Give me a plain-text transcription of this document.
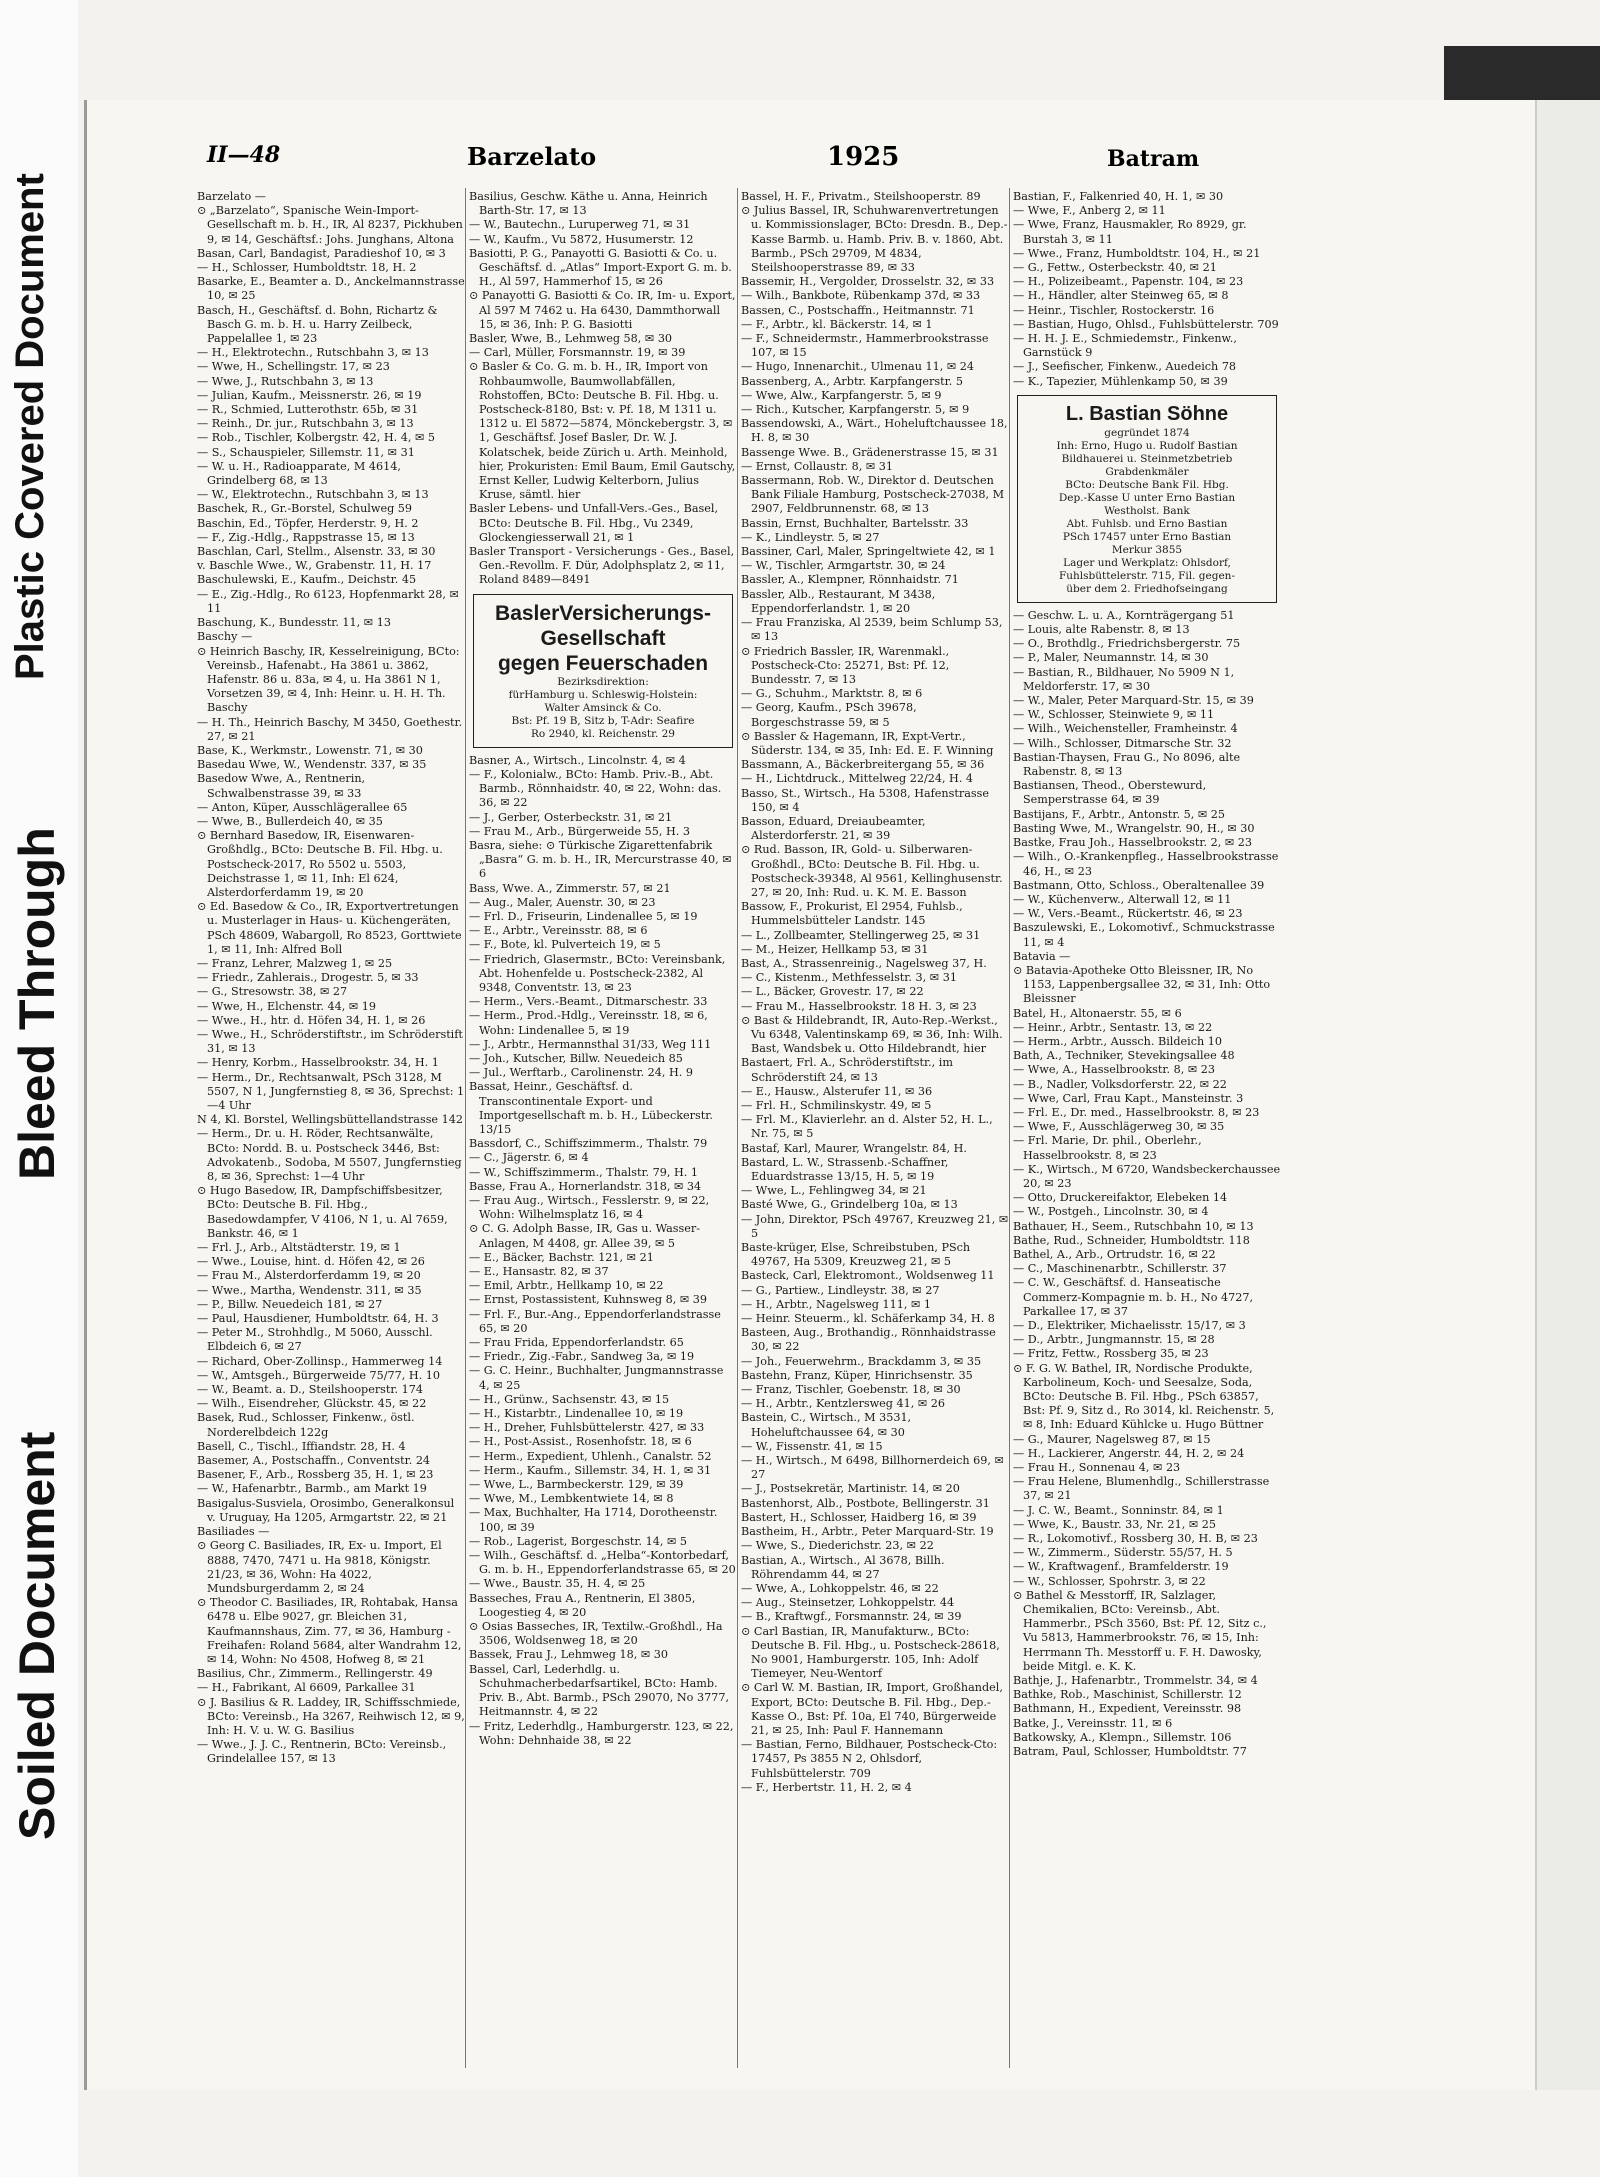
Plastic Covered Document
Bleed Through
Soiled Document
II—48	Barzelato	1925	Batram

Barzelato —

⊙ „Barzelato“, Spanische Wein-Import-Gesellschaft m. b. H., IR, Al 8237, Pickhuben 9, ✉ 14, Geschäftsf.: Johs. Junghans, Altona

Basan, Carl, Bandagist, Paradieshof 10, ✉ 3

— H., Schlosser, Humboldtstr. 18, H. 2

Basarke, E., Beamter a. D., Anckelmannstrasse 10, ✉ 25

Basch, H., Geschäftsf. d. Bohn, Richartz & Basch G. m. b. H. u. Harry Zeilbeck, Pappelallee 1, ✉ 23

— H., Elektrotechn., Rutschbahn 3, ✉ 13

— Wwe, H., Schellingstr. 17, ✉ 23

— Wwe, J., Rutschbahn 3, ✉ 13

— Julian, Kaufm., Meissnerstr. 26, ✉ 19

— R., Schmied, Lutterothstr. 65b, ✉ 31

— Reinh., Dr. jur., Rutschbahn 3, ✉ 13

— Rob., Tischler, Kolbergstr. 42, H. 4, ✉ 5

— S., Schauspieler, Sillemstr. 11, ✉ 31

— W. u. H., Radioapparate, M 4614, Grindelberg 68, ✉ 13

— W., Elektrotechn., Rutschbahn 3, ✉ 13

Baschek, R., Gr.-Borstel, Schulweg 59

Baschin, Ed., Töpfer, Herderstr. 9, H. 2

— F., Zig.-Hdlg., Rappstrasse 15, ✉ 13

Baschlan, Carl, Stellm., Alsenstr. 33, ✉ 30

v. Baschle Wwe., W., Grabenstr. 11, H. 17

Baschulewski, E., Kaufm., Deichstr. 45

— E., Zig.-Hdlg., Ro 6123, Hopfenmarkt 28, ✉ 11

Baschung, K., Bundesstr. 11, ✉ 13

Baschy —

⊙ Heinrich Baschy, IR, Kesselreinigung, BCto: Vereinsb., Hafenabt., Ha 3861 u. 3862, Hafenstr. 86 u. 83a, ✉ 4, u. Ha 3861 N 1, Vorsetzen 39, ✉ 4, Inh: Heinr. u. H. H. Th. Baschy

— H. Th., Heinrich Baschy, M 3450, Goethestr. 27, ✉ 21

Base, K., Werkmstr., Lowenstr. 71, ✉ 30

Basedau Wwe, W., Wendenstr. 337, ✉ 35

Basedow Wwe, A., Rentnerin, Schwalbenstrasse 39, ✉ 33

— Anton, Küper, Ausschlägerallee 65

— Wwe, B., Bullerdeich 40, ✉ 35

⊙ Bernhard Basedow, IR, Eisenwaren-Großhdlg., BCto: Deutsche B. Fil. Hbg. u. Postscheck-2017, Ro 5502 u. 5503, Deichstrasse 1, ✉ 11, Inh: El 624, Alsterdorferdamm 19, ✉ 20

⊙ Ed. Basedow & Co., IR, Exportvertretungen u. Musterlager in Haus- u. Küchengeräten, PSch 48609, Wabargoll, Ro 8523, Gorttwiete 1, ✉ 11, Inh: Alfred Boll

— Franz, Lehrer, Malzweg 1, ✉ 25

— Friedr., Zahlerais., Drogestr. 5, ✉ 33

— G., Stresowstr. 38, ✉ 27

— Wwe, H., Elchenstr. 44, ✉ 19

— Wwe., H., htr. d. Höfen 34, H. 1, ✉ 26

— Wwe., H., Schröderstiftstr., im Schröderstift 31, ✉ 13

— Henry, Korbm., Hasselbrookstr. 34, H. 1

— Herm., Dr., Rechtsanwalt, PSch 3128, M 5507, N 1, Jungfernstieg 8, ✉ 36, Sprechst: 1—4 Uhr

N 4, Kl. Borstel, Wellingsbüttellandstrasse 142

— Herm., Dr. u. H. Röder, Rechtsanwälte, BCto: Nordd. B. u. Postscheck 3446, Bst: Advokatenb., Sodoba, M 5507, Jungfernstieg 8, ✉ 36, Sprechst: 1—4 Uhr

⊙ Hugo Basedow, IR, Dampfschiffsbesitzer, BCto: Deutsche B. Fil. Hbg., Basedowdampfer, V 4106, N 1, u. Al 7659, Bankstr. 46, ✉ 1

— Frl. J., Arb., Altstädterstr. 19, ✉ 1

— Wwe., Louise, hint. d. Höfen 42, ✉ 26

— Frau M., Alsterdorferdamm 19, ✉ 20

— Wwe., Martha, Wendenstr. 311, ✉ 35

— P., Billw. Neuedeich 181, ✉ 27

— Paul, Hausdiener, Humboldtstr. 64, H. 3

— Peter M., Strohhdlg., M 5060, Ausschl. Elbdeich 6, ✉ 27

— Richard, Ober-Zollinsp., Hammerweg 14

— W., Amtsgeh., Bürgerweide 75/77, H. 10

— W., Beamt. a. D., Steilshooperstr. 174

— Wilh., Eisendreher, Glückstr. 45, ✉ 22

Basek, Rud., Schlosser, Finkenw., östl. Norderelbdeich 122g

Basell, C., Tischl., Iffiandstr. 28, H. 4

Basemer, A., Postschaffn., Conventstr. 24

Basener, F., Arb., Rossberg 35, H. 1, ✉ 23

— W., Hafenarbtr., Barmb., am Markt 19

Basigalus-Susviela, Orosimbo, Generalkonsul v. Uruguay, Ha 1205, Armgartstr. 22, ✉ 21

Basiliades —

⊙ Georg C. Basiliades, IR, Ex- u. Import, El 8888, 7470, 7471 u. Ha 9818, Königstr. 21/23, ✉ 36, Wohn: Ha 4022, Mundsburgerdamm 2, ✉ 24

⊙ Theodor C. Basiliades, IR, Rohtabak, Hansa 6478 u. Elbe 9027, gr. Bleichen 31, Kaufmannshaus, Zim. 77, ✉ 36, Hamburg - Freihafen: Roland 5684, alter Wandrahm 12, ✉ 14, Wohn: No 4508, Hofweg 8, ✉ 21

Basilius, Chr., Zimmerm., Rellingerstr. 49

— H., Fabrikant, Al 6609, Parkallee 31

⊙ J. Basilius & R. Laddey, IR, Schiffsschmiede, BCto: Vereinsb., Ha 3267, Reihwisch 12, ✉ 9, Inh: H. V. u. W. G. Basilius

— Wwe., J. J. C., Rentnerin, BCto: Vereinsb., Grindelallee 157, ✉ 13

Basilius, Geschw. Käthe u. Anna, Heinrich Barth-Str. 17, ✉ 13

— W., Bautechn., Luruperweg 71, ✉ 31

— W., Kaufm., Vu 5872, Husumerstr. 12

Basiotti, P. G., Panayotti G. Basiotti & Co. u. Geschäftsf. d. „Atlas“ Import-Export G. m. b. H., Al 597, Hammerhof 15, ✉ 26

⊙ Panayotti G. Basiotti & Co. IR, Im- u. Export, Al 597 M 7462 u. Ha 6430, Dammthorwall 15, ✉ 36, Inh: P. G. Basiotti

Basler, Wwe, B., Lehmweg 58, ✉ 30

— Carl, Müller, Forsmannstr. 19, ✉ 39

⊙ Basler & Co. G. m. b. H., IR, Import von Rohbaumwolle, Baumwollabfällen, Rohstoffen, BCto: Deutsche B. Fil. Hbg. u. Postscheck-8180, Bst: v. Pf. 18, M 1311 u. 1312 u. El 5872—5874, Mönckebergstr. 3, ✉ 1, Geschäftsf. Josef Basler, Dr. W. J. Kolatschek, beide Zürich u. Arth. Meinhold, hier, Prokuristen: Emil Baum, Emil Gautschy, Ernst Keller, Ludwig Kelterborn, Julius Kruse, sämtl. hier

Basler Lebens- und Unfall-Vers.-Ges., Basel, BCto: Deutsche B. Fil. Hbg., Vu 2349, Glockengiesserwall 21, ✉ 1

Basler Transport - Versicherungs - Ges., Basel, Gen.-Revollm. F. Dür, Adolphsplatz 2, ✉ 11, Roland 8489—8491

BaslerVersicherungs-
Gesellschaft
gegen Feuerschaden
Bezirksdirektion:
fürHamburg u. Schleswig-Holstein:
Walter Amsinck & Co.
Bst: Pf. 19 B, Sitz b, T-Adr: Seafire
Ro 2940, kl. Reichenstr. 29

Basner, A., Wirtsch., Lincolnstr. 4, ✉ 4

— F., Kolonialw., BCto: Hamb. Priv.-B., Abt. Barmb., Rönnhaidstr. 40, ✉ 22, Wohn: das. 36, ✉ 22

— J., Gerber, Osterbeckstr. 31, ✉ 21

— Frau M., Arb., Bürgerweide 55, H. 3

Basra, siehe: ⊙ Türkische Zigarettenfabrik „Basra“ G. m. b. H., IR, Mercurstrasse 40, ✉ 6

Bass, Wwe. A., Zimmerstr. 57, ✉ 21

— Aug., Maler, Auenstr. 30, ✉ 23

— Frl. D., Friseurin, Lindenallee 5, ✉ 19

— E., Arbtr., Vereinsstr. 88, ✉ 6

— F., Bote, kl. Pulverteich 19, ✉ 5

— Friedrich, Glasermstr., BCto: Vereinsbank, Abt. Hohenfelde u. Postscheck-2382, Al 9348, Conventstr. 13, ✉ 23

— Herm., Vers.-Beamt., Ditmarschestr. 33

— Herm., Prod.-Hdlg., Vereinsstr. 18, ✉ 6, Wohn: Lindenallee 5, ✉ 19

— J., Arbtr., Hermannsthal 31/33, Weg 111

— Joh., Kutscher, Billw. Neuedeich 85

— Jul., Werftarb., Carolinenstr. 24, H. 9

Bassat, Heinr., Geschäftsf. d. Transcontinentale Export- und Importgesellschaft m. b. H., Lübeckerstr. 13/15

Bassdorf, C., Schiffszimmerm., Thalstr. 79

— C., Jägerstr. 6, ✉ 4

— W., Schiffszimmerm., Thalstr. 79, H. 1

Basse, Frau A., Hornerlandstr. 318, ✉ 34

— Frau Aug., Wirtsch., Fesslerstr. 9, ✉ 22, Wohn: Wilhelmsplatz 16, ✉ 4

⊙ C. G. Adolph Basse, IR, Gas u. Wasser-Anlagen, M 4408, gr. Allee 39, ✉ 5

— E., Bäcker, Bachstr. 121, ✉ 21

— E., Hansastr. 82, ✉ 37

— Emil, Arbtr., Hellkamp 10, ✉ 22

— Ernst, Postassistent, Kuhnsweg 8, ✉ 39

— Frl. F., Bur.-Ang., Eppendorferlandstrasse 65, ✉ 20

— Frau Frida, Eppendorferlandstr. 65

— Friedr., Zig.-Fabr., Sandweg 3a, ✉ 19

— G. C. Heinr., Buchhalter, Jungmannstrasse 4, ✉ 25

— H., Grünw., Sachsenstr. 43, ✉ 15

— H., Kistarbtr., Lindenallee 10, ✉ 19

— H., Dreher, Fuhlsbüttelerstr. 427, ✉ 33

— H., Post-Assist., Rosenhofstr. 18, ✉ 6

— Herm., Expedient, Uhlenh., Canalstr. 52

— Herm., Kaufm., Sillemstr. 34, H. 1, ✉ 31

— Wwe, L., Barmbeckerstr. 129, ✉ 39

— Wwe, M., Lembkentwiete 14, ✉ 8

— Max, Buchhalter, Ha 1714, Dorotheenstr. 100, ✉ 39

— Rob., Lagerist, Borgeschstr. 14, ✉ 5

— Wilh., Geschäftsf. d. „Helba“-Kontorbedarf, G. m. b. H., Eppendorferlandstrasse 65, ✉ 20

— Wwe., Baustr. 35, H. 4, ✉ 25

Basseches, Frau A., Rentnerin, El 3805, Loogestieg 4, ✉ 20

⊙ Osias Basseches, IR, Textilw.-Großhdl., Ha 3506, Woldsenweg 18, ✉ 20

Bassek, Frau J., Lehmweg 18, ✉ 30

Bassel, Carl, Lederhdlg. u. Schuhmacherbedarfsartikel, BCto: Hamb. Priv. B., Abt. Barmb., PSch 29070, No 3777, Heitmannstr. 4, ✉ 22

— Fritz, Lederhdlg., Hamburgerstr. 123, ✉ 22, Wohn: Dehnhaide 38, ✉ 22

Bassel, H. F., Privatm., Steilshooperstr. 89

⊙ Julius Bassel, IR, Schuhwarenvertretungen u. Kommissionslager, BCto: Dresdn. B., Dep.-Kasse Barmb. u. Hamb. Priv. B. v. 1860, Abt. Barmb., PSch 29709, M 4834, Steilshooperstrasse 89, ✉ 33

Bassemir, H., Vergolder, Drosselstr. 32, ✉ 33

— Wilh., Bankbote, Rübenkamp 37d, ✉ 33

Bassen, C., Postschaffn., Heitmannstr. 71

— F., Arbtr., kl. Bäckerstr. 14, ✉ 1

— F., Schneidermstr., Hammerbrookstrasse 107, ✉ 15

— Hugo, Innenarchit., Ulmenau 11, ✉ 24

Bassenberg, A., Arbtr. Karpfangerstr. 5

— Wwe, Alw., Karpfangerstr. 5, ✉ 9

— Rich., Kutscher, Karpfangerstr. 5, ✉ 9

Bassendowski, A., Wärt., Hoheluftchaussee 18, H. 8, ✉ 30

Bassenge Wwe. B., Grädenerstrasse 15, ✉ 31

— Ernst, Collaustr. 8, ✉ 31

Bassermann, Rob. W., Direktor d. Deutschen Bank Filiale Hamburg, Postscheck-27038, M 2907, Feldbrunnenstr. 68, ✉ 13

Bassin, Ernst, Buchhalter, Bartelsstr. 33

— K., Lindleystr. 5, ✉ 27

Bassiner, Carl, Maler, Springeltwiete 42, ✉ 1

— W., Tischler, Armgartstr. 30, ✉ 24

Bassler, A., Klempner, Rönnhaidstr. 71

Bassler, Alb., Restaurant, M 3438, Eppendorferlandstr. 1, ✉ 20

— Frau Franziska, Al 2539, beim Schlump 53, ✉ 13

⊙ Friedrich Bassler, IR, Warenmakl., Postscheck-Cto: 25271, Bst: Pf. 12, Bundesstr. 7, ✉ 13

— G., Schuhm., Marktstr. 8, ✉ 6

— Georg, Kaufm., PSch 39678, Borgeschstrasse 59, ✉ 5

⊙ Bassler & Hagemann, IR, Expt-Vertr., Süderstr. 134, ✉ 35, Inh: Ed. E. F. Winning

Bassmann, A., Bäckerbreitergang 55, ✉ 36

— H., Lichtdruck., Mittelweg 22/24, H. 4

Basso, St., Wirtsch., Ha 5308, Hafenstrasse 150, ✉ 4

Basson, Eduard, Dreiaubeamter, Alsterdorferstr. 21, ✉ 39

⊙ Rud. Basson, IR, Gold- u. Silberwaren-Großhdl., BCto: Deutsche B. Fil. Hbg. u. Postscheck-39348, Al 9561, Kellinghusenstr. 27, ✉ 20, Inh: Rud. u. K. M. E. Basson

Bassow, F., Prokurist, El 2954, Fuhlsb., Hummelsbütteler Landstr. 145

— L., Zollbeamter, Stellingerweg 25, ✉ 31

— M., Heizer, Hellkamp 53, ✉ 31

Bast, A., Strassenreinig., Nagelsweg 37, H.

— C., Kistenm., Methfesselstr. 3, ✉ 31

— L., Bäcker, Grovestr. 17, ✉ 22

— Frau M., Hasselbrookstr. 18 H. 3, ✉ 23

⊙ Bast & Hildebrandt, IR, Auto-Rep.-Werkst., Vu 6348, Valentinskamp 69, ✉ 36, Inh: Wilh. Bast, Wandsbek u. Otto Hildebrandt, hier

Bastaert, Frl. A., Schröderstiftstr., im Schröderstift 24, ✉ 13

— E., Hausw., Alsterufer 11, ✉ 36

— Frl. H., Schmilinskystr. 49, ✉ 5

— Frl. M., Klavierlehr. an d. Alster 52, H. L., Nr. 75, ✉ 5

Bastaf, Karl, Maurer, Wrangelstr. 84, H.

Bastard, L. W., Strassenb.-Schaffner, Eduardstrasse 13/15, H. 5, ✉ 19

— Wwe, L., Fehlingweg 34, ✉ 21

Basté Wwe, G., Grindelberg 10a, ✉ 13

— John, Direktor, PSch 49767, Kreuzweg 21, ✉ 5

Baste-krüger, Else, Schreibstuben, PSch 49767, Ha 5309, Kreuzweg 21, ✉ 5

Basteck, Carl, Elektromont., Woldsenweg 11

— G., Partiew., Lindleystr. 38, ✉ 27

— H., Arbtr., Nagelsweg 111, ✉ 1

— Heinr. Steuerm., kl. Schäferkamp 34, H. 8

Basteen, Aug., Brothandig., Rönnhaidstrasse 30, ✉ 22

— Joh., Feuerwehrm., Brackdamm 3, ✉ 35

Bastehn, Franz, Küper, Hinrichsenstr. 35

— Franz, Tischler, Goebenstr. 18, ✉ 30

— H., Arbtr., Kentzlersweg 41, ✉ 26

Bastein, C., Wirtsch., M 3531, Hoheluftchaussee 64, ✉ 30

— W., Fissenstr. 41, ✉ 15

— H., Wirtsch., M 6498, Billhornerdeich 69, ✉ 27

— J., Postsekretär, Martinistr. 14, ✉ 20

Bastenhorst, Alb., Postbote, Bellingerstr. 31

Bastert, H., Schlosser, Haidberg 16, ✉ 39

Bastheim, H., Arbtr., Peter Marquard-Str. 19

— Wwe, S., Diederichstr. 23, ✉ 22

Bastian, A., Wirtsch., Al 3678, Billh. Röhrendamm 44, ✉ 27

— Wwe, A., Lohkoppelstr. 46, ✉ 22

— Aug., Steinsetzer, Lohkoppelstr. 44

— B., Kraftwgf., Forsmannstr. 24, ✉ 39

⊙ Carl Bastian, IR, Manufakturw., BCto: Deutsche B. Fil. Hbg., u. Postscheck-28618, No 9001, Hamburgerstr. 105, Inh: Adolf Tiemeyer, Neu-Wentorf

⊙ Carl W. M. Bastian, IR, Import, Großhandel, Export, BCto: Deutsche B. Fil. Hbg., Dep.-Kasse O., Bst: Pf. 10a, El 740, Bürgerweide 21, ✉ 25, Inh: Paul F. Hannemann

— Bastian, Ferno, Bildhauer, Postscheck-Cto: 17457, Ps 3855 N 2, Ohlsdorf, Fuhlsbüttelerstr. 709

— F., Herbertstr. 11, H. 2, ✉ 4

Bastian, F., Falkenried 40, H. 1, ✉ 30

— Wwe, F., Anberg 2, ✉ 11

— Wwe, Franz, Hausmakler, Ro 8929, gr. Burstah 3, ✉ 11

— Wwe., Franz, Humboldtstr. 104, H., ✉ 21

— G., Fettw., Osterbeckstr. 40, ✉ 21

— H., Polizeibeamt., Papenstr. 104, ✉ 23

— H., Händler, alter Steinweg 65, ✉ 8

— Heinr., Tischler, Rostockerstr. 16

— Bastian, Hugo, Ohlsd., Fuhlsbüttelerstr. 709

— H. H. J. E., Schmiedemstr., Finkenw., Garnstück 9

— J., Seefischer, Finkenw., Auedeich 78

— K., Tapezier, Mühlenkamp 50, ✉ 39

L. Bastian Söhne
gegründet 1874
Inh: Erno, Hugo u. Rudolf Bastian
Bildhauerei u. Steinmetzbetrieb
Grabdenkmäler
BCto: Deutsche Bank Fil. Hbg.
Dep.-Kasse U unter Erno Bastian
Westholst. Bank
Abt. Fuhlsb. und Erno Bastian
PSch 17457 unter Erno Bastian
Merkur 3855
Lager und Werkplatz: Ohlsdorf,
Fuhlsbüttelerstr. 715, Fil. gegen-
über dem 2. Friedhofseingang

— Geschw. L. u. A., Kornträgergang 51

— Louis, alte Rabenstr. 8, ✉ 13

— O., Brothdlg., Friedrichsbergerstr. 75

— P., Maler, Neumannstr. 14, ✉ 30

— Bastian, R., Bildhauer, No 5909 N 1, Meldorferstr. 17, ✉ 30

— W., Maler, Peter Marquard-Str. 15, ✉ 39

— W., Schlosser, Steinwiete 9, ✉ 11

— Wilh., Weichensteller, Framheinstr. 4

— Wilh., Schlosser, Ditmarsche Str. 32

Bastian-Thaysen, Frau G., No 8096, alte Rabenstr. 8, ✉ 13

Bastiansen, Theod., Oberstewurd, Semperstrasse 64, ✉ 39

Bastijans, F., Arbtr., Antonstr. 5, ✉ 25

Basting Wwe, M., Wrangelstr. 90, H., ✉ 30

Bastke, Frau Joh., Hasselbrookstr. 2, ✉ 23

— Wilh., O.-Krankenpfleg., Hasselbrookstrasse 46, H., ✉ 23

Bastmann, Otto, Schloss., Oberaltenallee 39

— W., Küchenverw., Alterwall 12, ✉ 11

— W., Vers.-Beamt., Rückertstr. 46, ✉ 23

Baszulewski, E., Lokomotivf., Schmuckstrasse 11, ✉ 4

Batavia —

⊙ Batavia-Apotheke Otto Bleissner, IR, No 1153, Lappenbergsallee 32, ✉ 31, Inh: Otto Bleissner

Batel, H., Altonaerstr. 55, ✉ 6

— Heinr., Arbtr., Sentastr. 13, ✉ 22

— Herm., Arbtr., Aussch. Bildeich 10

Bath, A., Techniker, Stevekingsallee 48

— Wwe, A., Hasselbrookstr. 8, ✉ 23

— B., Nadler, Volksdorferstr. 22, ✉ 22

— Wwe, Carl, Frau Kapt., Mansteinstr. 3

— Frl. E., Dr. med., Hasselbrookstr. 8, ✉ 23

— Wwe, F., Ausschlägerweg 30, ✉ 35

— Frl. Marie, Dr. phil., Oberlehr., Hasselbrookstr. 8, ✉ 23

— K., Wirtsch., M 6720, Wandsbeckerchaussee 20, ✉ 23

— Otto, Druckereifaktor, Elebeken 14

— W., Postgeh., Lincolnstr. 30, ✉ 4

Bathauer, H., Seem., Rutschbahn 10, ✉ 13

Bathe, Rud., Schneider, Humboldtstr. 118

Bathel, A., Arb., Ortrudstr. 16, ✉ 22

— C., Maschinenarbtr., Schillerstr. 37

— C. W., Geschäftsf. d. Hanseatische Commerz-Kompagnie m. b. H., No 4727, Parkallee 17, ✉ 37

— D., Elektriker, Michaelisstr. 15/17, ✉ 3

— D., Arbtr., Jungmannstr. 15, ✉ 28

— Fritz, Fettw., Rossberg 35, ✉ 23

⊙ F. G. W. Bathel, IR, Nordische Produkte, Karbolineum, Koch- und Seesalze, Soda, BCto: Deutsche B. Fil. Hbg., PSch 63857, Bst: Pf. 9, Sitz d., Ro 3014, kl. Reichenstr. 5, ✉ 8, Inh: Eduard Kühlcke u. Hugo Büttner

— G., Maurer, Nagelsweg 87, ✉ 15

— H., Lackierer, Angerstr. 44, H. 2, ✉ 24

— Frau H., Sonnenau 4, ✉ 23

— Frau Helene, Blumenhdlg., Schillerstrasse 37, ✉ 21

— J. C. W., Beamt., Sonninstr. 84, ✉ 1

— Wwe, K., Baustr. 33, Nr. 21, ✉ 25

— R., Lokomotivf., Rossberg 30, H. B, ✉ 23

— W., Zimmerm., Süderstr. 55/57, H. 5

— W., Kraftwagenf., Bramfelderstr. 19

— W., Schlosser, Spohrstr. 3, ✉ 22

⊙ Bathel & Messtorff, IR, Salzlager, Chemikalien, BCto: Vereinsb., Abt. Hammerbr., PSch 3560, Bst: Pf. 12, Sitz c., Vu 5813, Hammerbrookstr. 76, ✉ 15, Inh: Herrmann Th. Messtorff u. F. H. Dawosky, beide Mitgl. e. K. K.

Bathje, J., Hafenarbtr., Trommelstr. 34, ✉ 4

Bathke, Rob., Maschinist, Schillerstr. 12

Bathmann, H., Expedient, Vereinsstr. 98

Batke, J., Vereinsstr. 11, ✉ 6

Batkowsky, A., Klempn., Sillemstr. 106

Batram, Paul, Schlosser, Humboldtstr. 77
